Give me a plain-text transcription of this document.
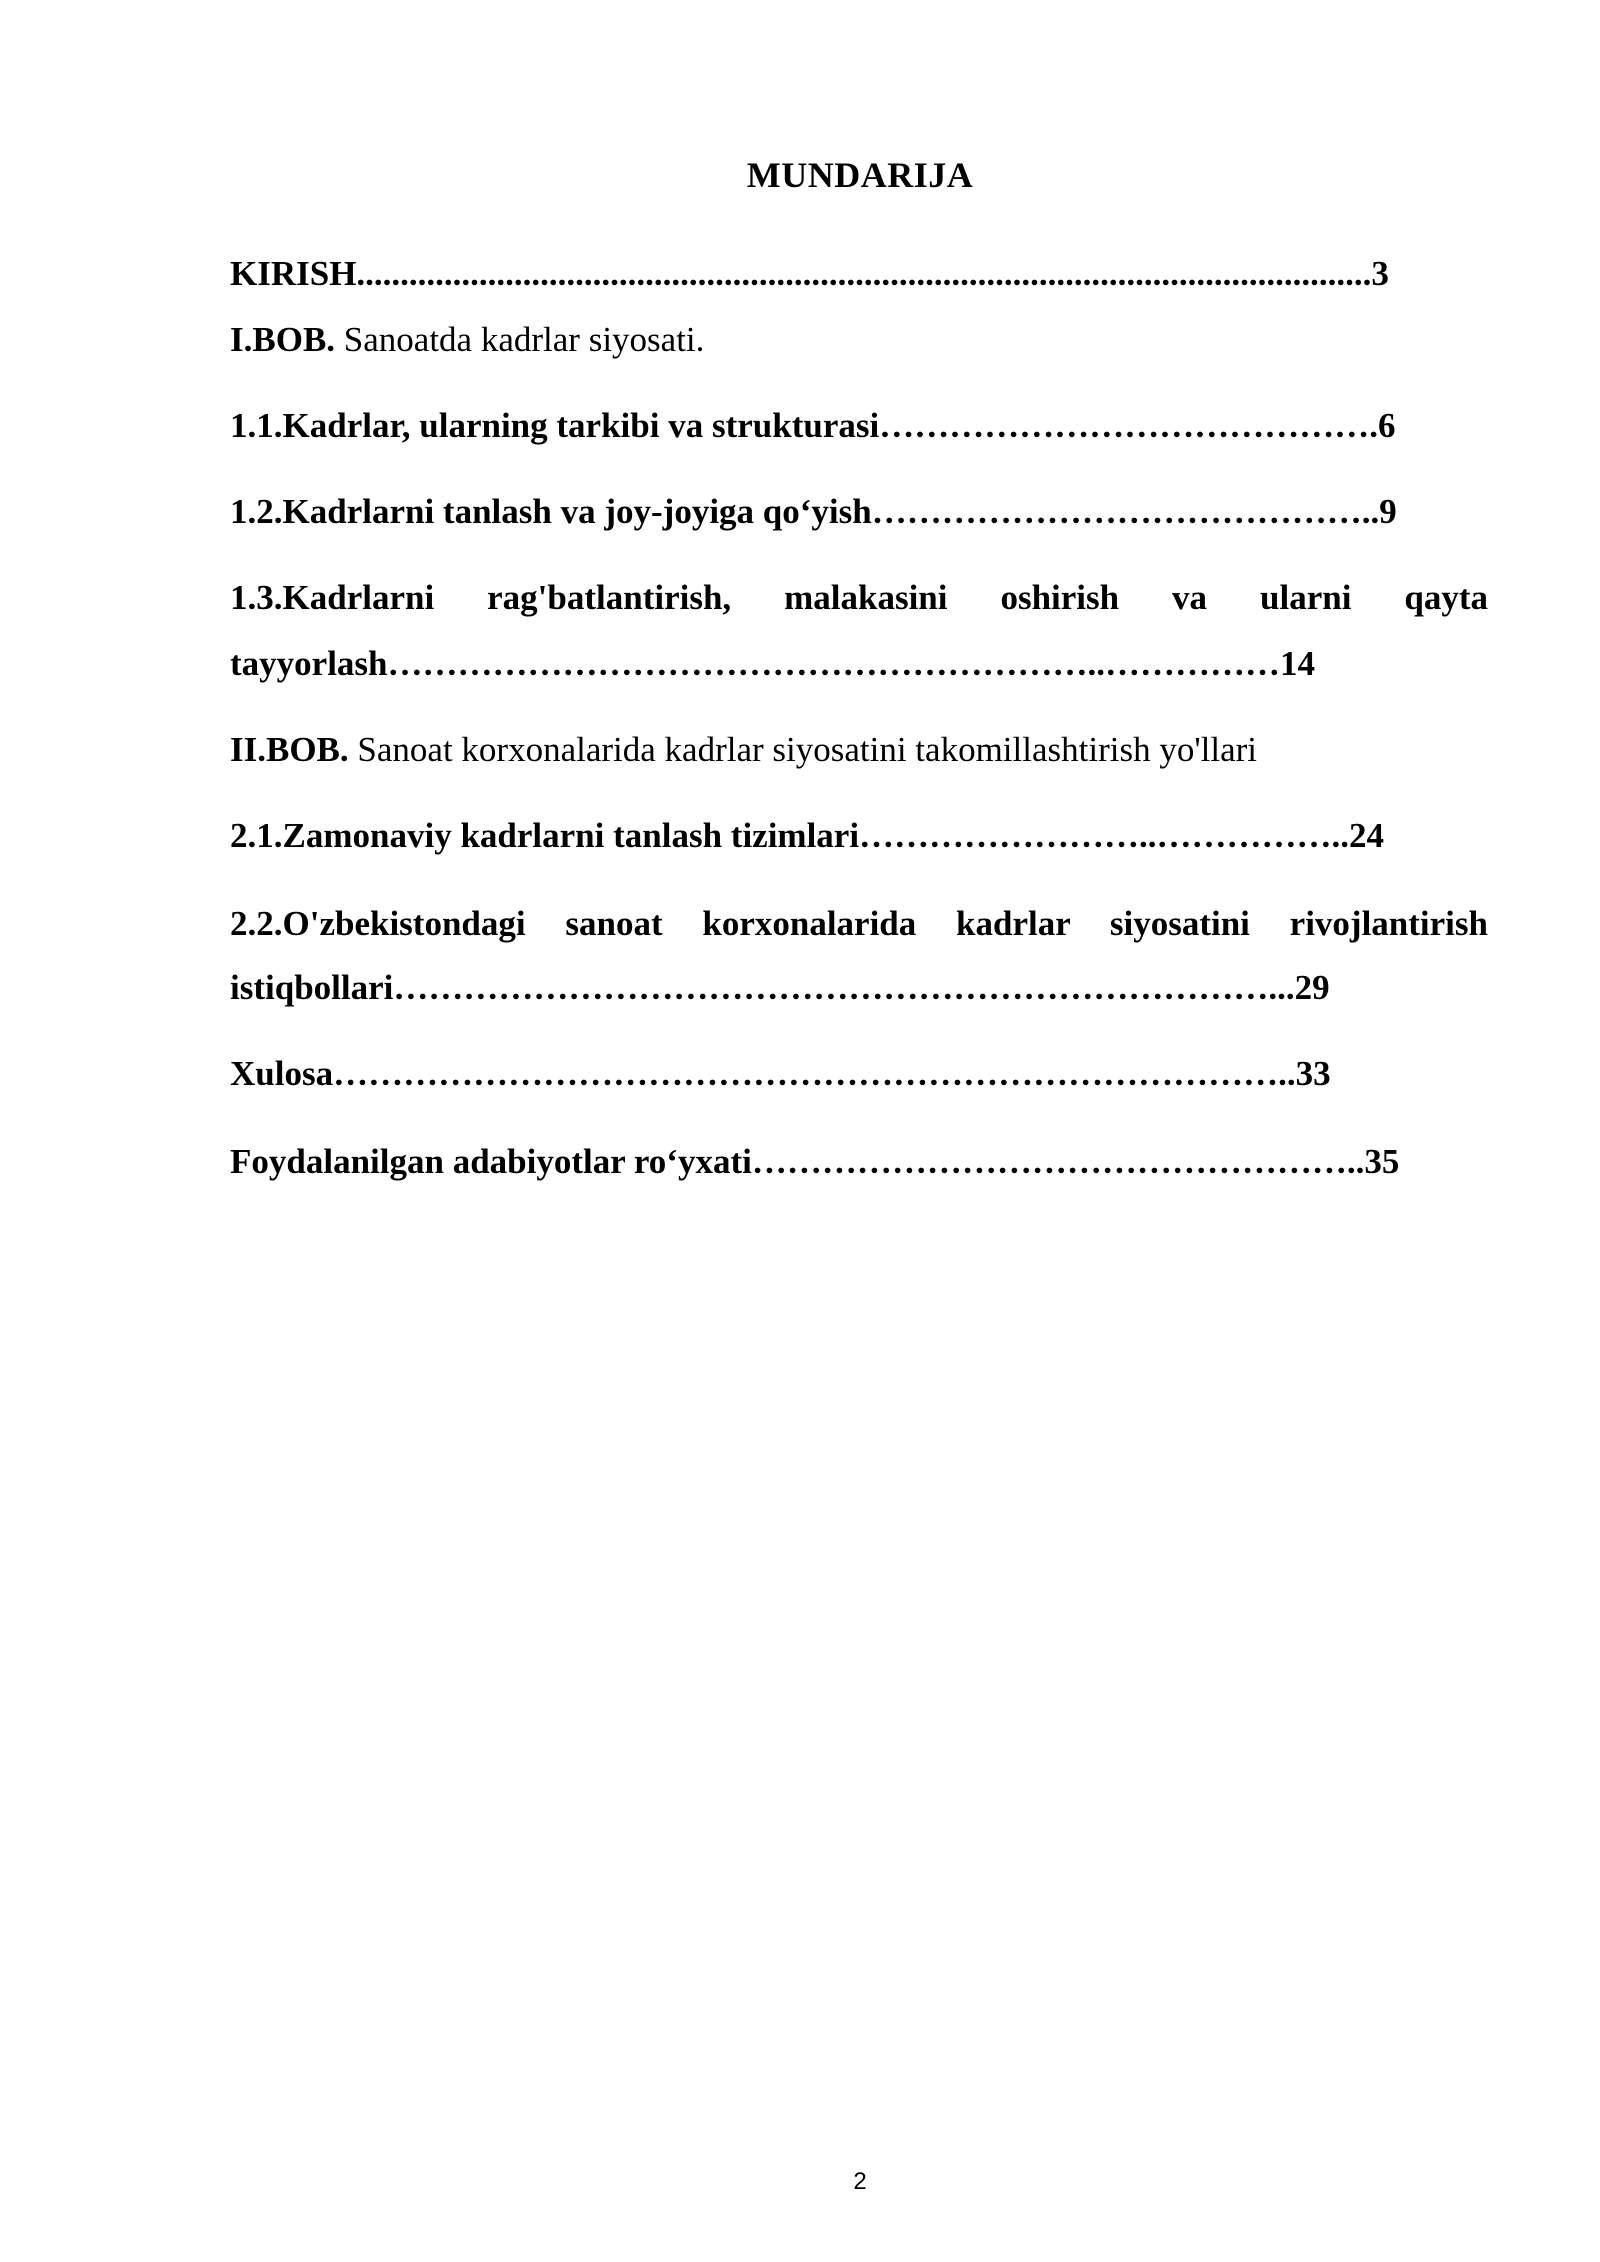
MUNDARIJA
KIRISH....................................................................................................................3
I.BOB. Sanoatda kadrlar siyosati.
1.1.Kadrlar, ularning tarkibi va strukturasi…………………………………….6
1.2.Kadrlarni tanlash va joy-joyiga qo‘yish……………………………………..9
1.3.Kadrlarni rag'batlantirish, malakasini oshirish va ularni qayta
tayyorlash……………………………………………………..……………14
II.BOB. Sanoat korxonalarida kadrlar siyosatini takomillashtirish yo'llari
2.1.Zamonaviy kadrlarni tanlash tizimlari……………………..……………..24
2.2.O'zbekistondagi sanoat korxonalarida kadrlar siyosatini rivojlantirish
istiqbollari…………………………………………………………………...29
Xulosa………………………………………………………………………..33
Foydalanilgan adabiyotlar ro‘yxati……………………………………………..35
2
